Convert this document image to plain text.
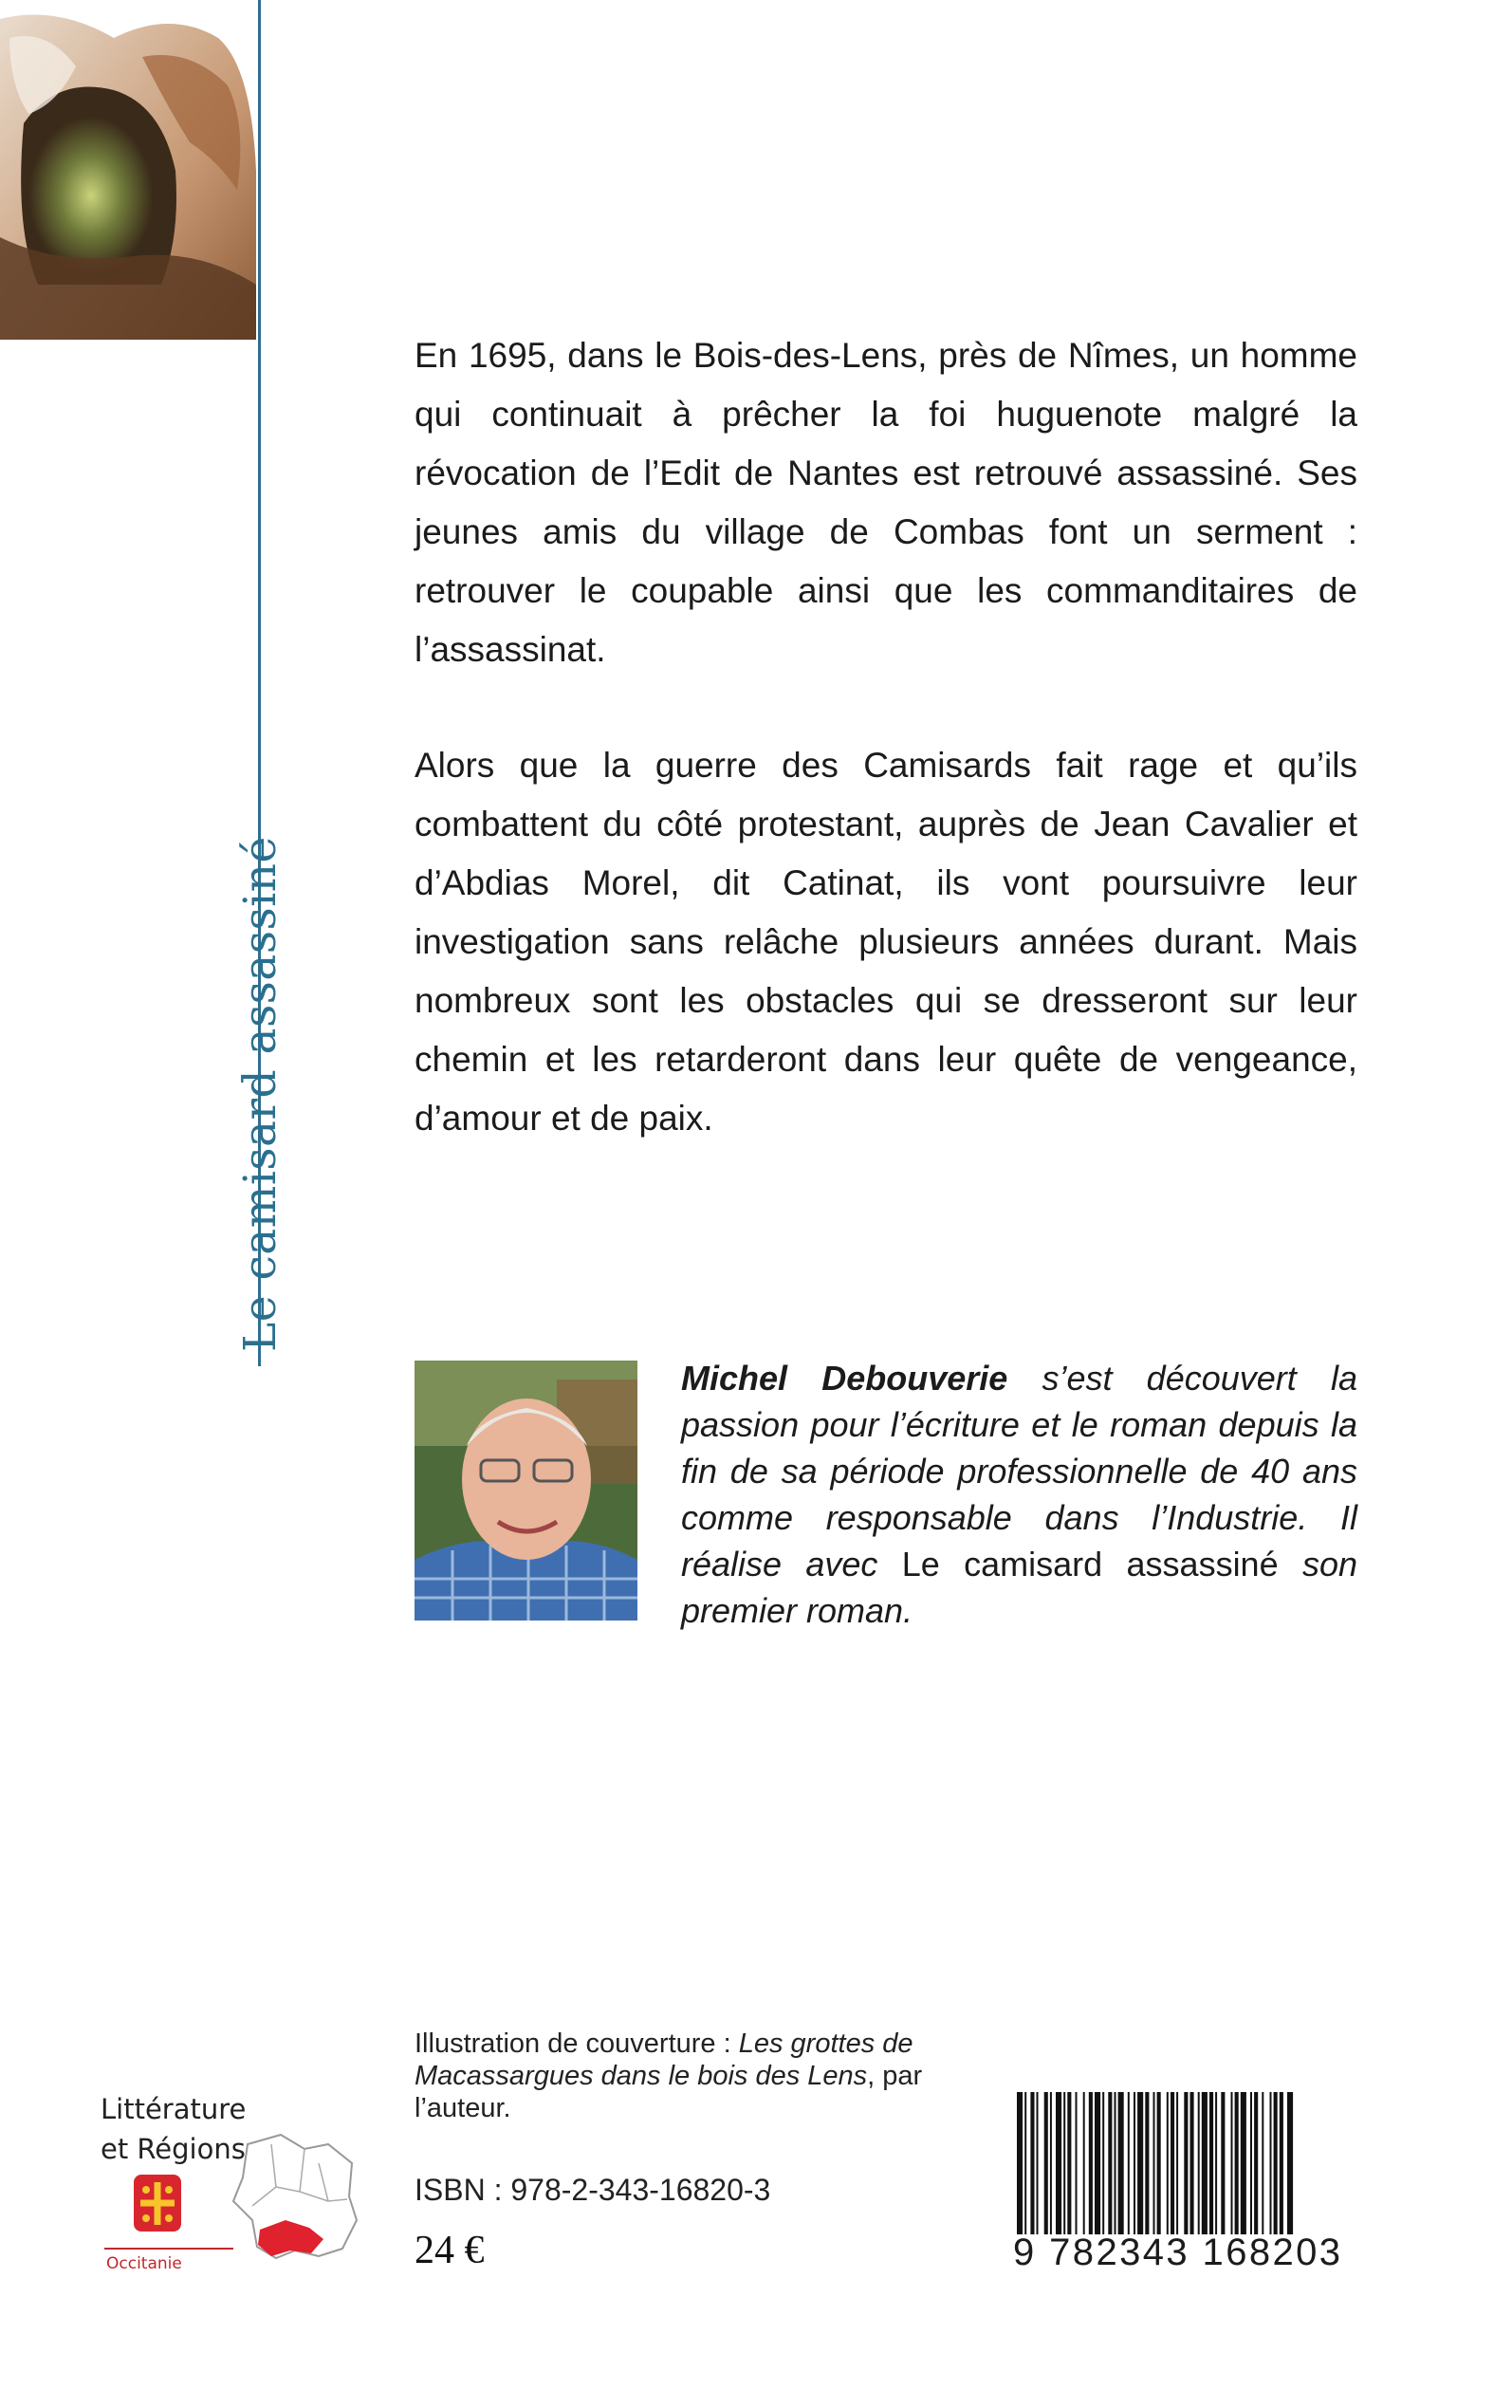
Le camisard assassiné

En 1695, dans le Bois-des-Lens, près de Nîmes, un homme qui continuait à prêcher la foi huguenote malgré la révocation de l’Edit de Nantes est retrouvé assassiné. Ses jeunes amis du village de Combas font un serment : retrouver le coupable ainsi que les commanditaires de l’assassinat.

Alors que la guerre des Camisards fait rage et qu’ils combattent du côté protestant, auprès de Jean Cavalier et d’Abdias Morel, dit Catinat, ils vont poursuivre leur investigation sans relâche plusieurs années durant. Mais nombreux sont les obstacles qui se dresseront sur leur chemin et les retarderont dans leur quête de vengeance, d’amour et de paix.

Michel Debouverie s’est découvert la passion pour l’écriture et le roman depuis la fin de sa période professionnelle de 40 ans comme responsable dans l’Industrie. Il réalise avec Le camisard assassiné son premier roman.
Illustration de couverture : Les grottes de Macassargues dans le bois des Lens, par l’auteur.
ISBN : 978-2-343-16820-3
24 €	9 782343 168203
Littérature
et Régions
Occitanie
